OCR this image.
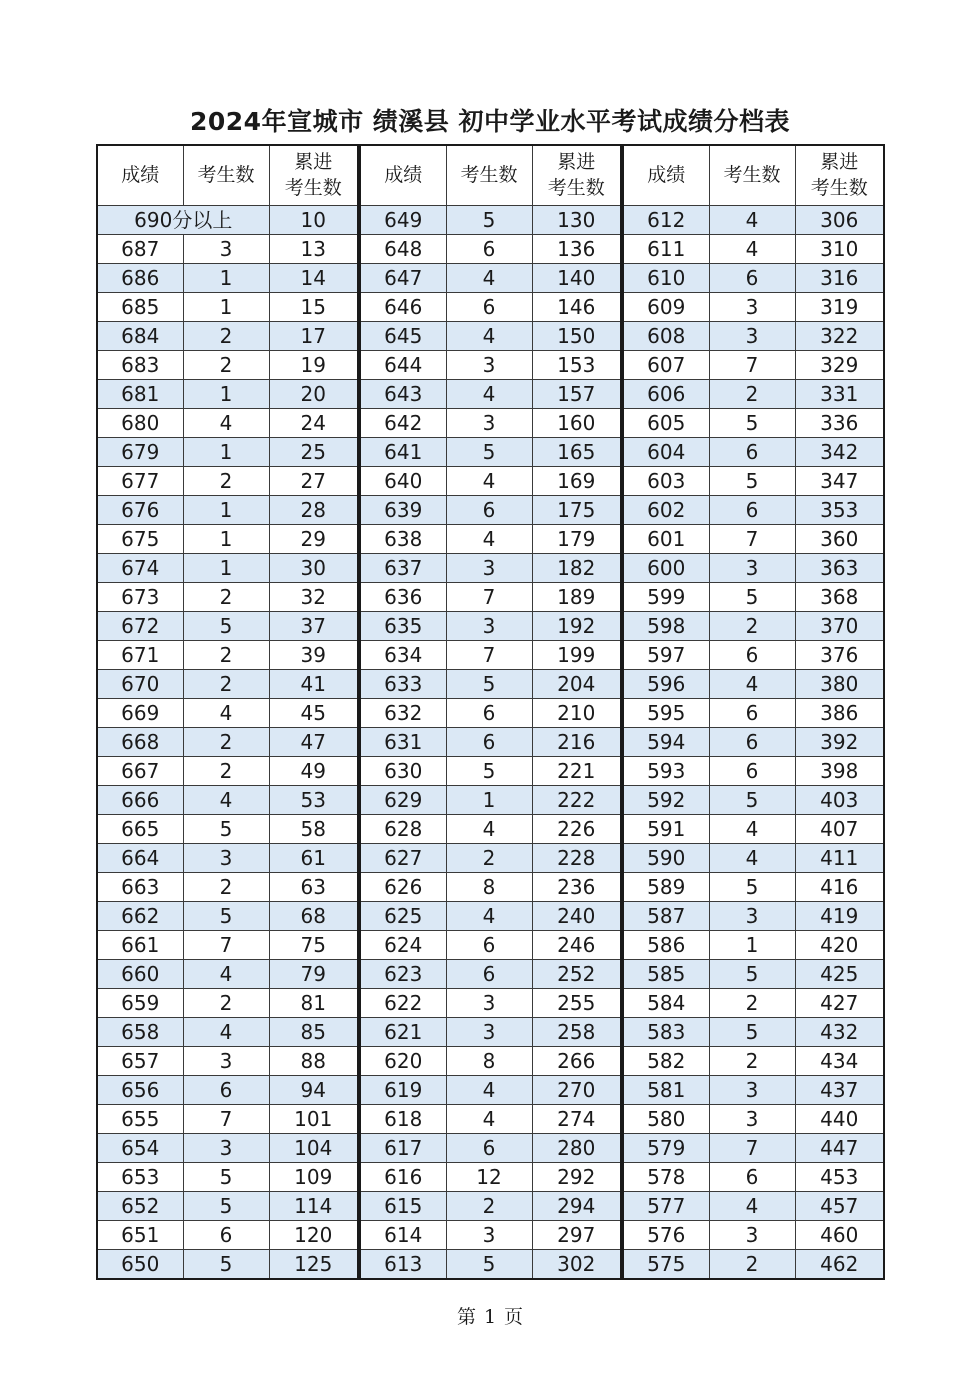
2024年宣城市 绩溪县 初中学业水平考试成绩分档表
成绩	考生数	累进
考生数
690分以上		10
687	3	13
686	1	14
685	1	15
684	2	17
683	2	19
681	1	20
680	4	24
679	1	25
677	2	27
676	1	28
675	1	29
674	1	30
673	2	32
672	5	37
671	2	39
670	2	41
669	4	45
668	2	47
667	2	49
666	4	53
665	5	58
664	3	61
663	2	63
662	5	68
661	7	75
660	4	79
659	2	81
658	4	85
657	3	88
656	6	94
655	7	101
654	3	104
653	5	109
652	5	114
651	6	120
650	5	125
成绩	考生数	累进
考生数
649	5	130
648	6	136
647	4	140
646	6	146
645	4	150
644	3	153
643	4	157
642	3	160
641	5	165
640	4	169
639	6	175
638	4	179
637	3	182
636	7	189
635	3	192
634	7	199
633	5	204
632	6	210
631	6	216
630	5	221
629	1	222
628	4	226
627	2	228
626	8	236
625	4	240
624	6	246
623	6	252
622	3	255
621	3	258
620	8	266
619	4	270
618	4	274
617	6	280
616	12	292
615	2	294
614	3	297
613	5	302
成绩	考生数	累进
考生数
612	4	306
611	4	310
610	6	316
609	3	319
608	3	322
607	7	329
606	2	331
605	5	336
604	6	342
603	5	347
602	6	353
601	7	360
600	3	363
599	5	368
598	2	370
597	6	376
596	4	380
595	6	386
594	6	392
593	6	398
592	5	403
591	4	407
590	4	411
589	5	416
587	3	419
586	1	420
585	5	425
584	2	427
583	5	432
582	2	434
581	3	437
580	3	440
579	7	447
578	6	453
577	4	457
576	3	460
575	2	462

第 1 页
